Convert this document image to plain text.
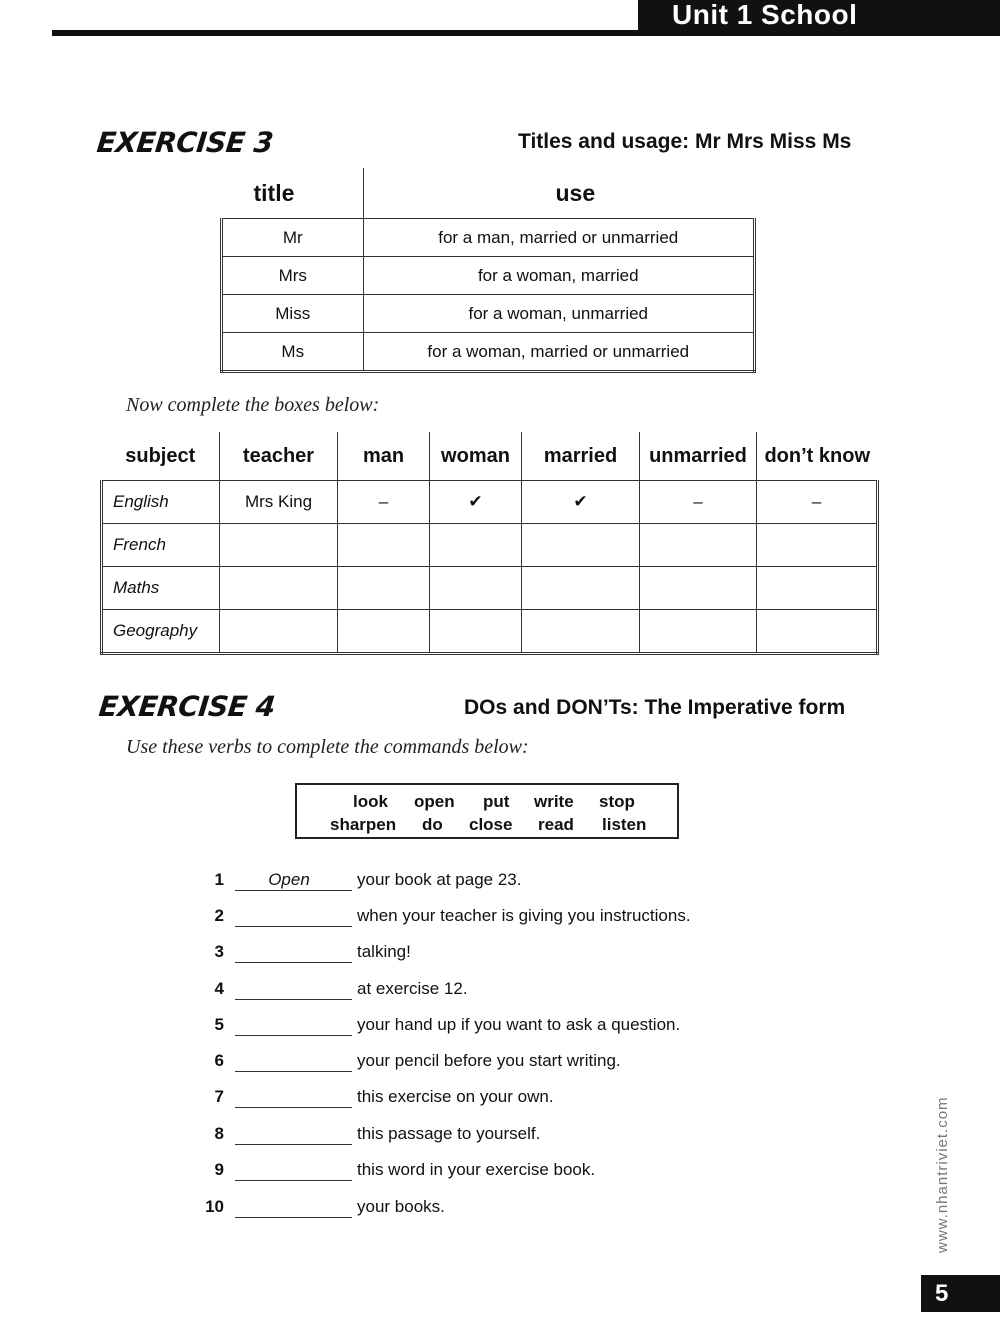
Unit 1 School
EXERCISE 3	Titles and usage: Mr Mrs Miss Ms
title	use
Mr	for a man, married or unmarried
Mrs	for a woman, married
Miss	for a woman, unmarried
Ms	for a woman, married or unmarried
Now complete the boxes below:
subject	teacher	man	woman	married	unmarried	don’t know
English	Mrs King	–	✔	✔	–	–
French						
Maths						
Geography						
EXERCISE 4	DOs and DON’Ts: The Imperative form
Use these verbs to complete the commands below:
look open put write stop
sharpen do close read listen
1	Open	your book at page 23.
2	when your teacher is giving you instructions.
3	talking!
4	at exercise 12.
5	your hand up if you want to ask a question.
6	your pencil before you start writing.
7	this exercise on your own.
8	this passage to yourself.
9	this word in your exercise book.
10	your books.	www.nhantriviet.com
5
